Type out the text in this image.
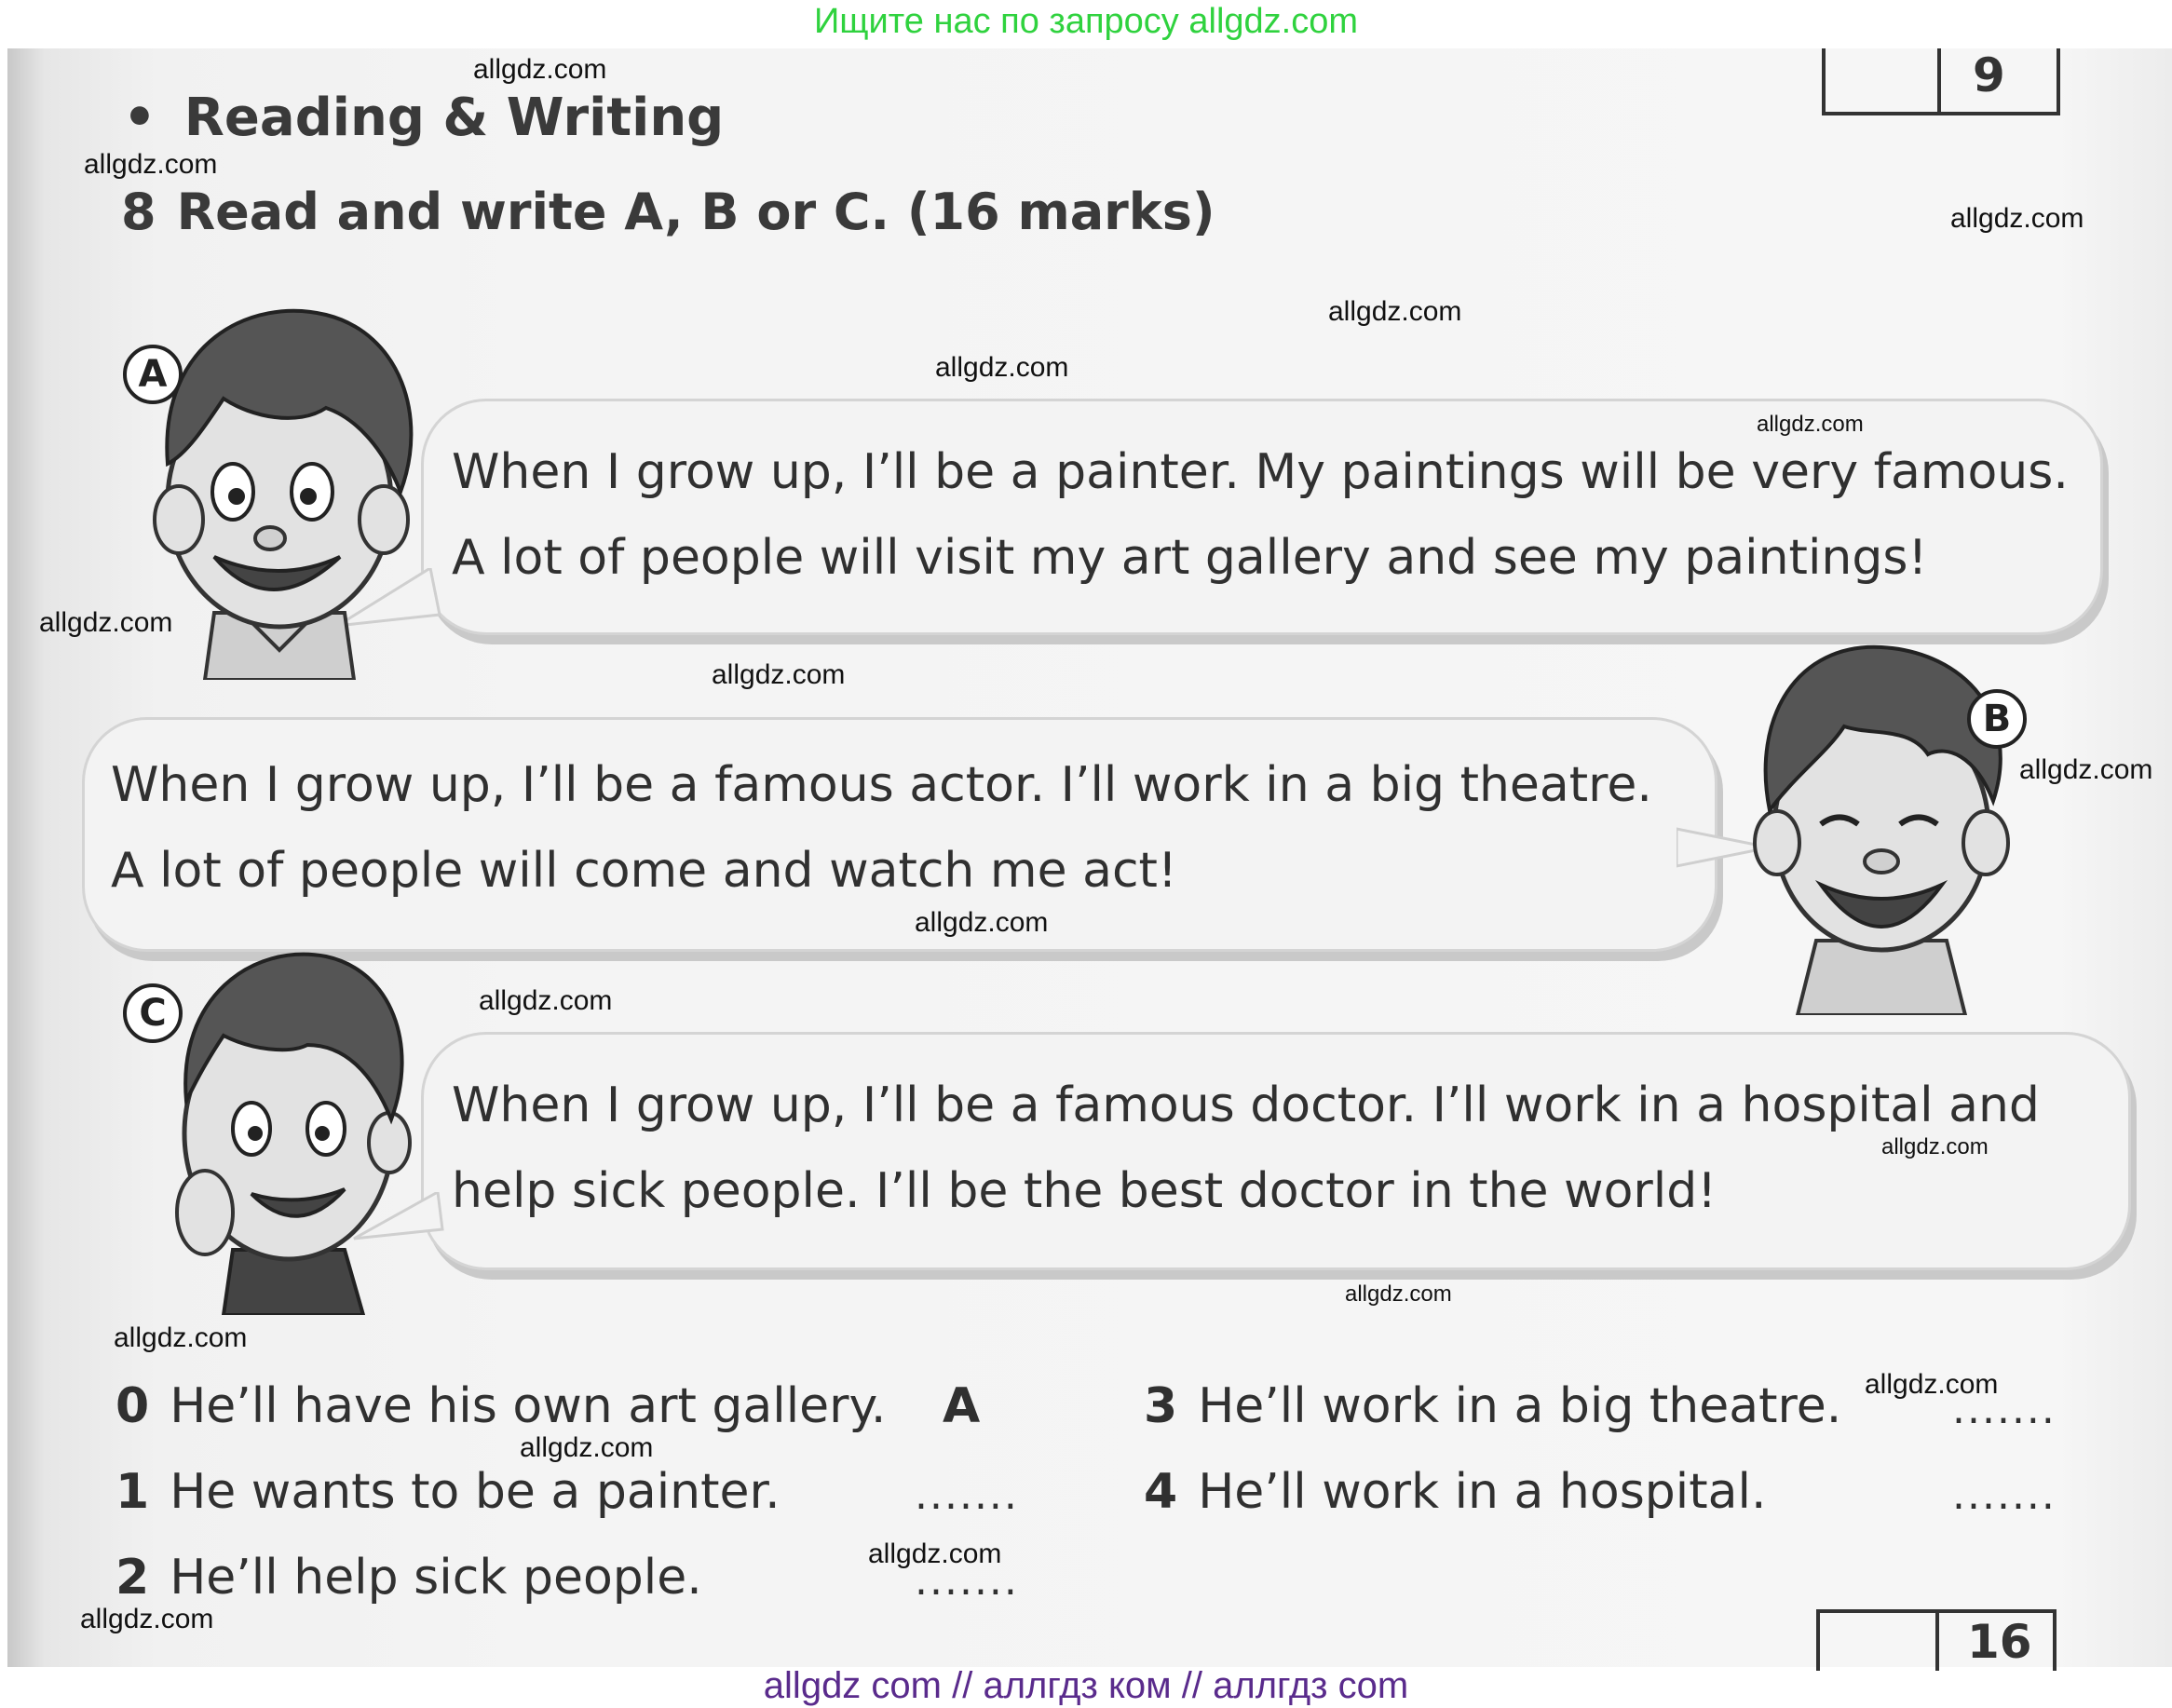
Ищите нас по запросу allgdz.com
9
• Reading & Writing
8 Read and write A, B or C. (16 marks)
When I grow up, I’ll be a painter. My paintings will be very famous.
A lot of people will visit my art gallery and see my paintings!
A
When I grow up, I’ll be a famous actor. I’ll work in a big theatre.
A lot of people will come and watch me act!
B
When I grow up, I’ll be a famous doctor. I’ll work in a hospital and
help sick people. I’ll be the best doctor in the world!
C
0 He’ll have his own art gallery. A
1 He wants to be a painter.	.......
2 He’ll help sick people.	.......
3 He’ll work in a big theatre.	.......
4 He’ll work in a hospital.	.......
16
allgdz.com
allgdz.com
allgdz.com
allgdz.com
allgdz.com
allgdz.com
allgdz.com
allgdz.com
allgdz.com
allgdz.com
allgdz.com
allgdz.com
allgdz.com
allgdz.com
allgdz.com
allgdz.com
allgdz.com
allgdz.com
allgdz com // аллгдз ком // аллгдз com
